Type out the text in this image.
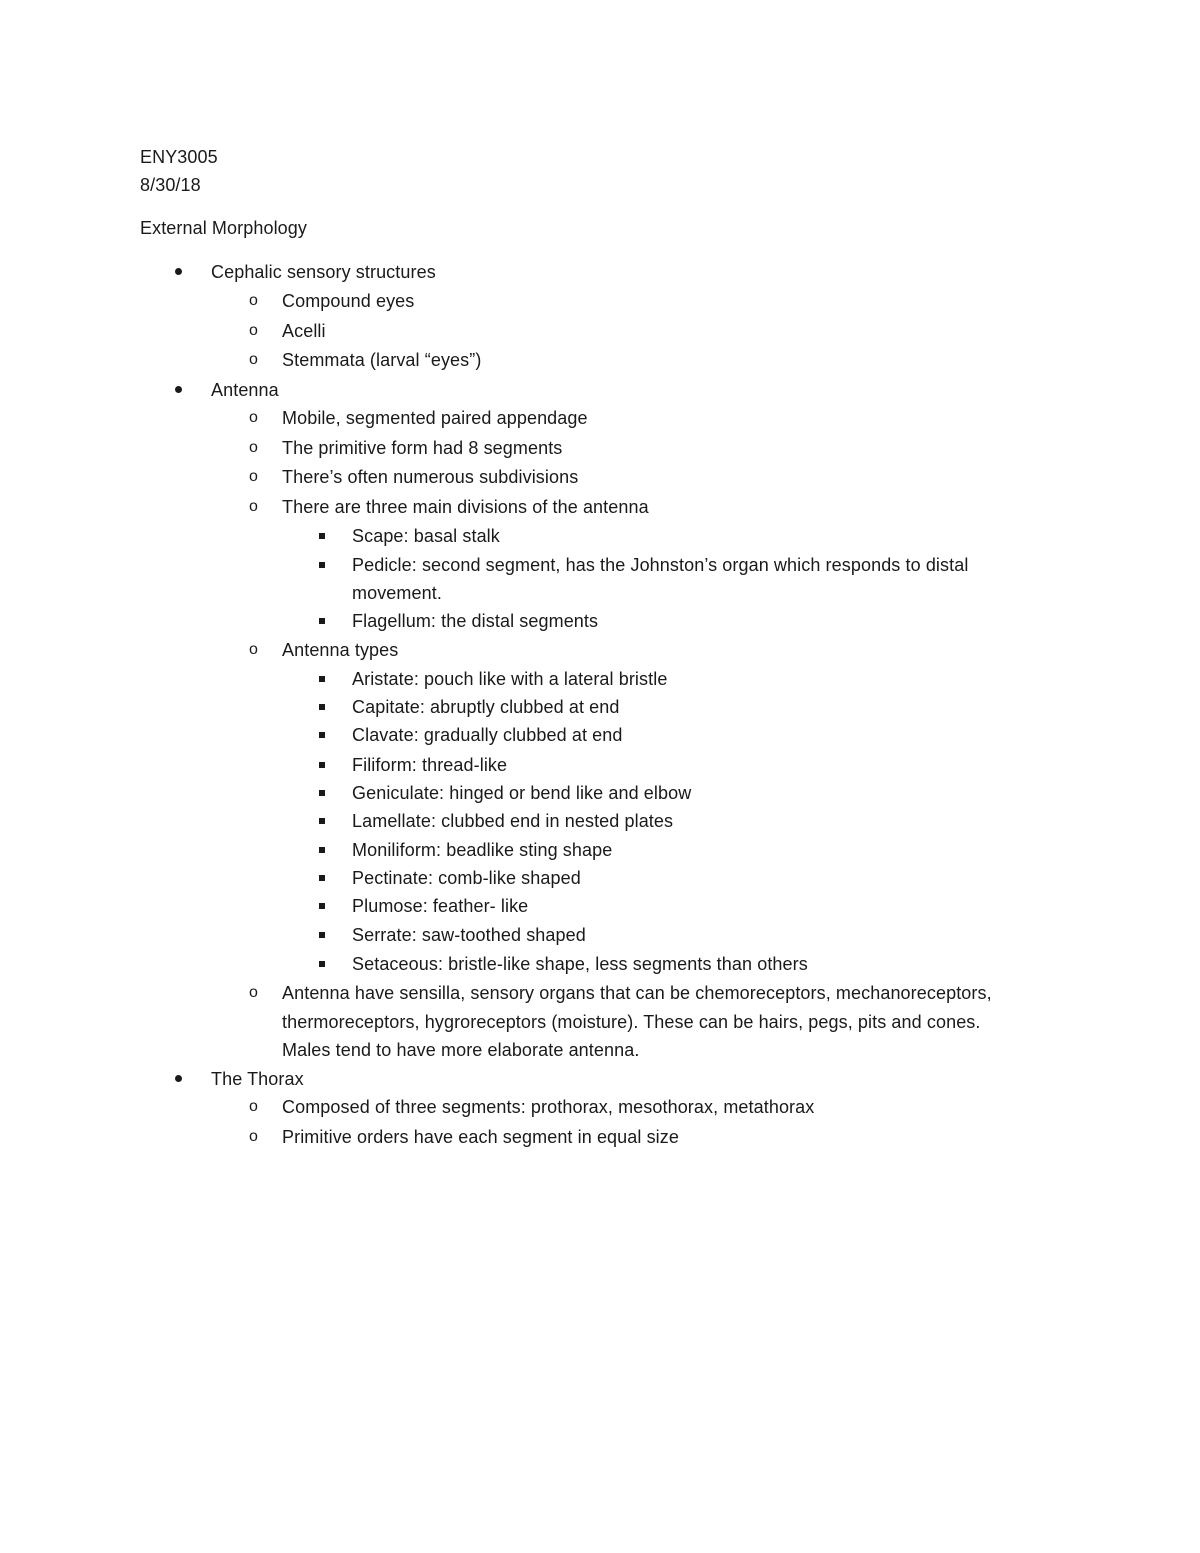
ENY3005
8/30/18
External Morphology
Cephalic sensory structures
o Compound eyes
o Acelli
o Stemmata (larval “eyes”)
Antenna
o Mobile, segmented paired appendage
o The primitive form had 8 segments
o There’s often numerous subdivisions
o There are three main divisions of the antenna
Scape: basal stalk
Pedicle: second segment, has the Johnston’s organ which responds to distal
movement.
Flagellum: the distal segments
o Antenna types
Aristate: pouch like with a lateral bristle
Capitate: abruptly clubbed at end
Clavate: gradually clubbed at end
Filiform: thread-like
Geniculate: hinged or bend like and elbow
Lamellate: clubbed end in nested plates
Moniliform: beadlike sting shape
Pectinate: comb-like shaped
Plumose: feather- like
Serrate: saw-toothed shaped
Setaceous: bristle-like shape, less segments than others
o Antenna have sensilla, sensory organs that can be chemoreceptors, mechanoreceptors,
thermoreceptors, hygroreceptors (moisture). These can be hairs, pegs, pits and cones.
Males tend to have more elaborate antenna.
The Thorax
o Composed of three segments: prothorax, mesothorax, metathorax
o Primitive orders have each segment in equal size
